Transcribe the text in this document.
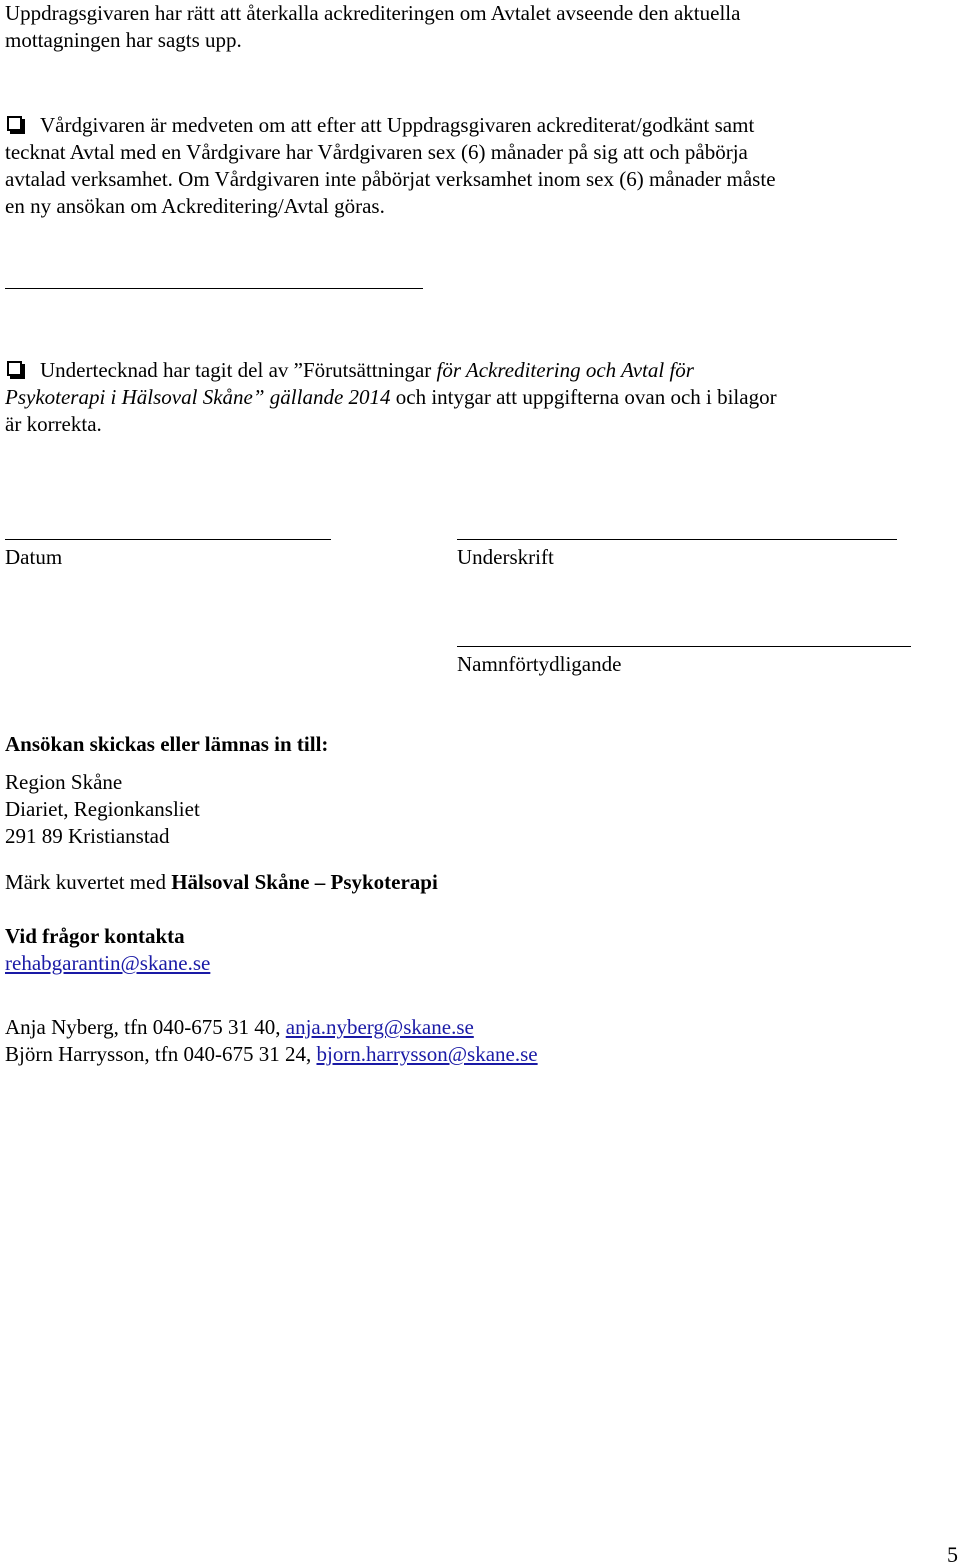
Uppdragsgivaren har rätt att återkalla ackrediteringen om Avtalet avseende den aktuella

mottagningen har sagts upp.

Vårdgivaren är medveten om att efter att Uppdragsgivaren ackrediterat/godkänt samt

tecknat Avtal med en Vårdgivare har Vårdgivaren sex (6) månader på sig att och påbörja

avtalad verksamhet. Om Vårdgivaren inte påbörjat verksamhet inom sex (6) månader måste

en ny ansökan om Ackreditering/Avtal göras.

Undertecknad har tagit del av ”Förutsättningar för Ackreditering och Avtal för

Psykoterapi i Hälsoval Skåne” gällande 2014 och intygar att uppgifterna ovan och i bilagor

är korrekta.

Datum	Underskrift
Namnförtydligande

Ansökan skickas eller lämnas in till:

Region Skåne

Diariet, Regionkansliet

291 89 Kristianstad

Märk kuvertet med Hälsoval Skåne – Psykoterapi

Vid frågor kontakta

rehabgarantin@skane.se

Anja Nyberg, tfn 040-675 31 40, anja.nyberg@skane.se

Björn Harrysson, tfn 040-675 31 24, bjorn.harrysson@skane.se

5
